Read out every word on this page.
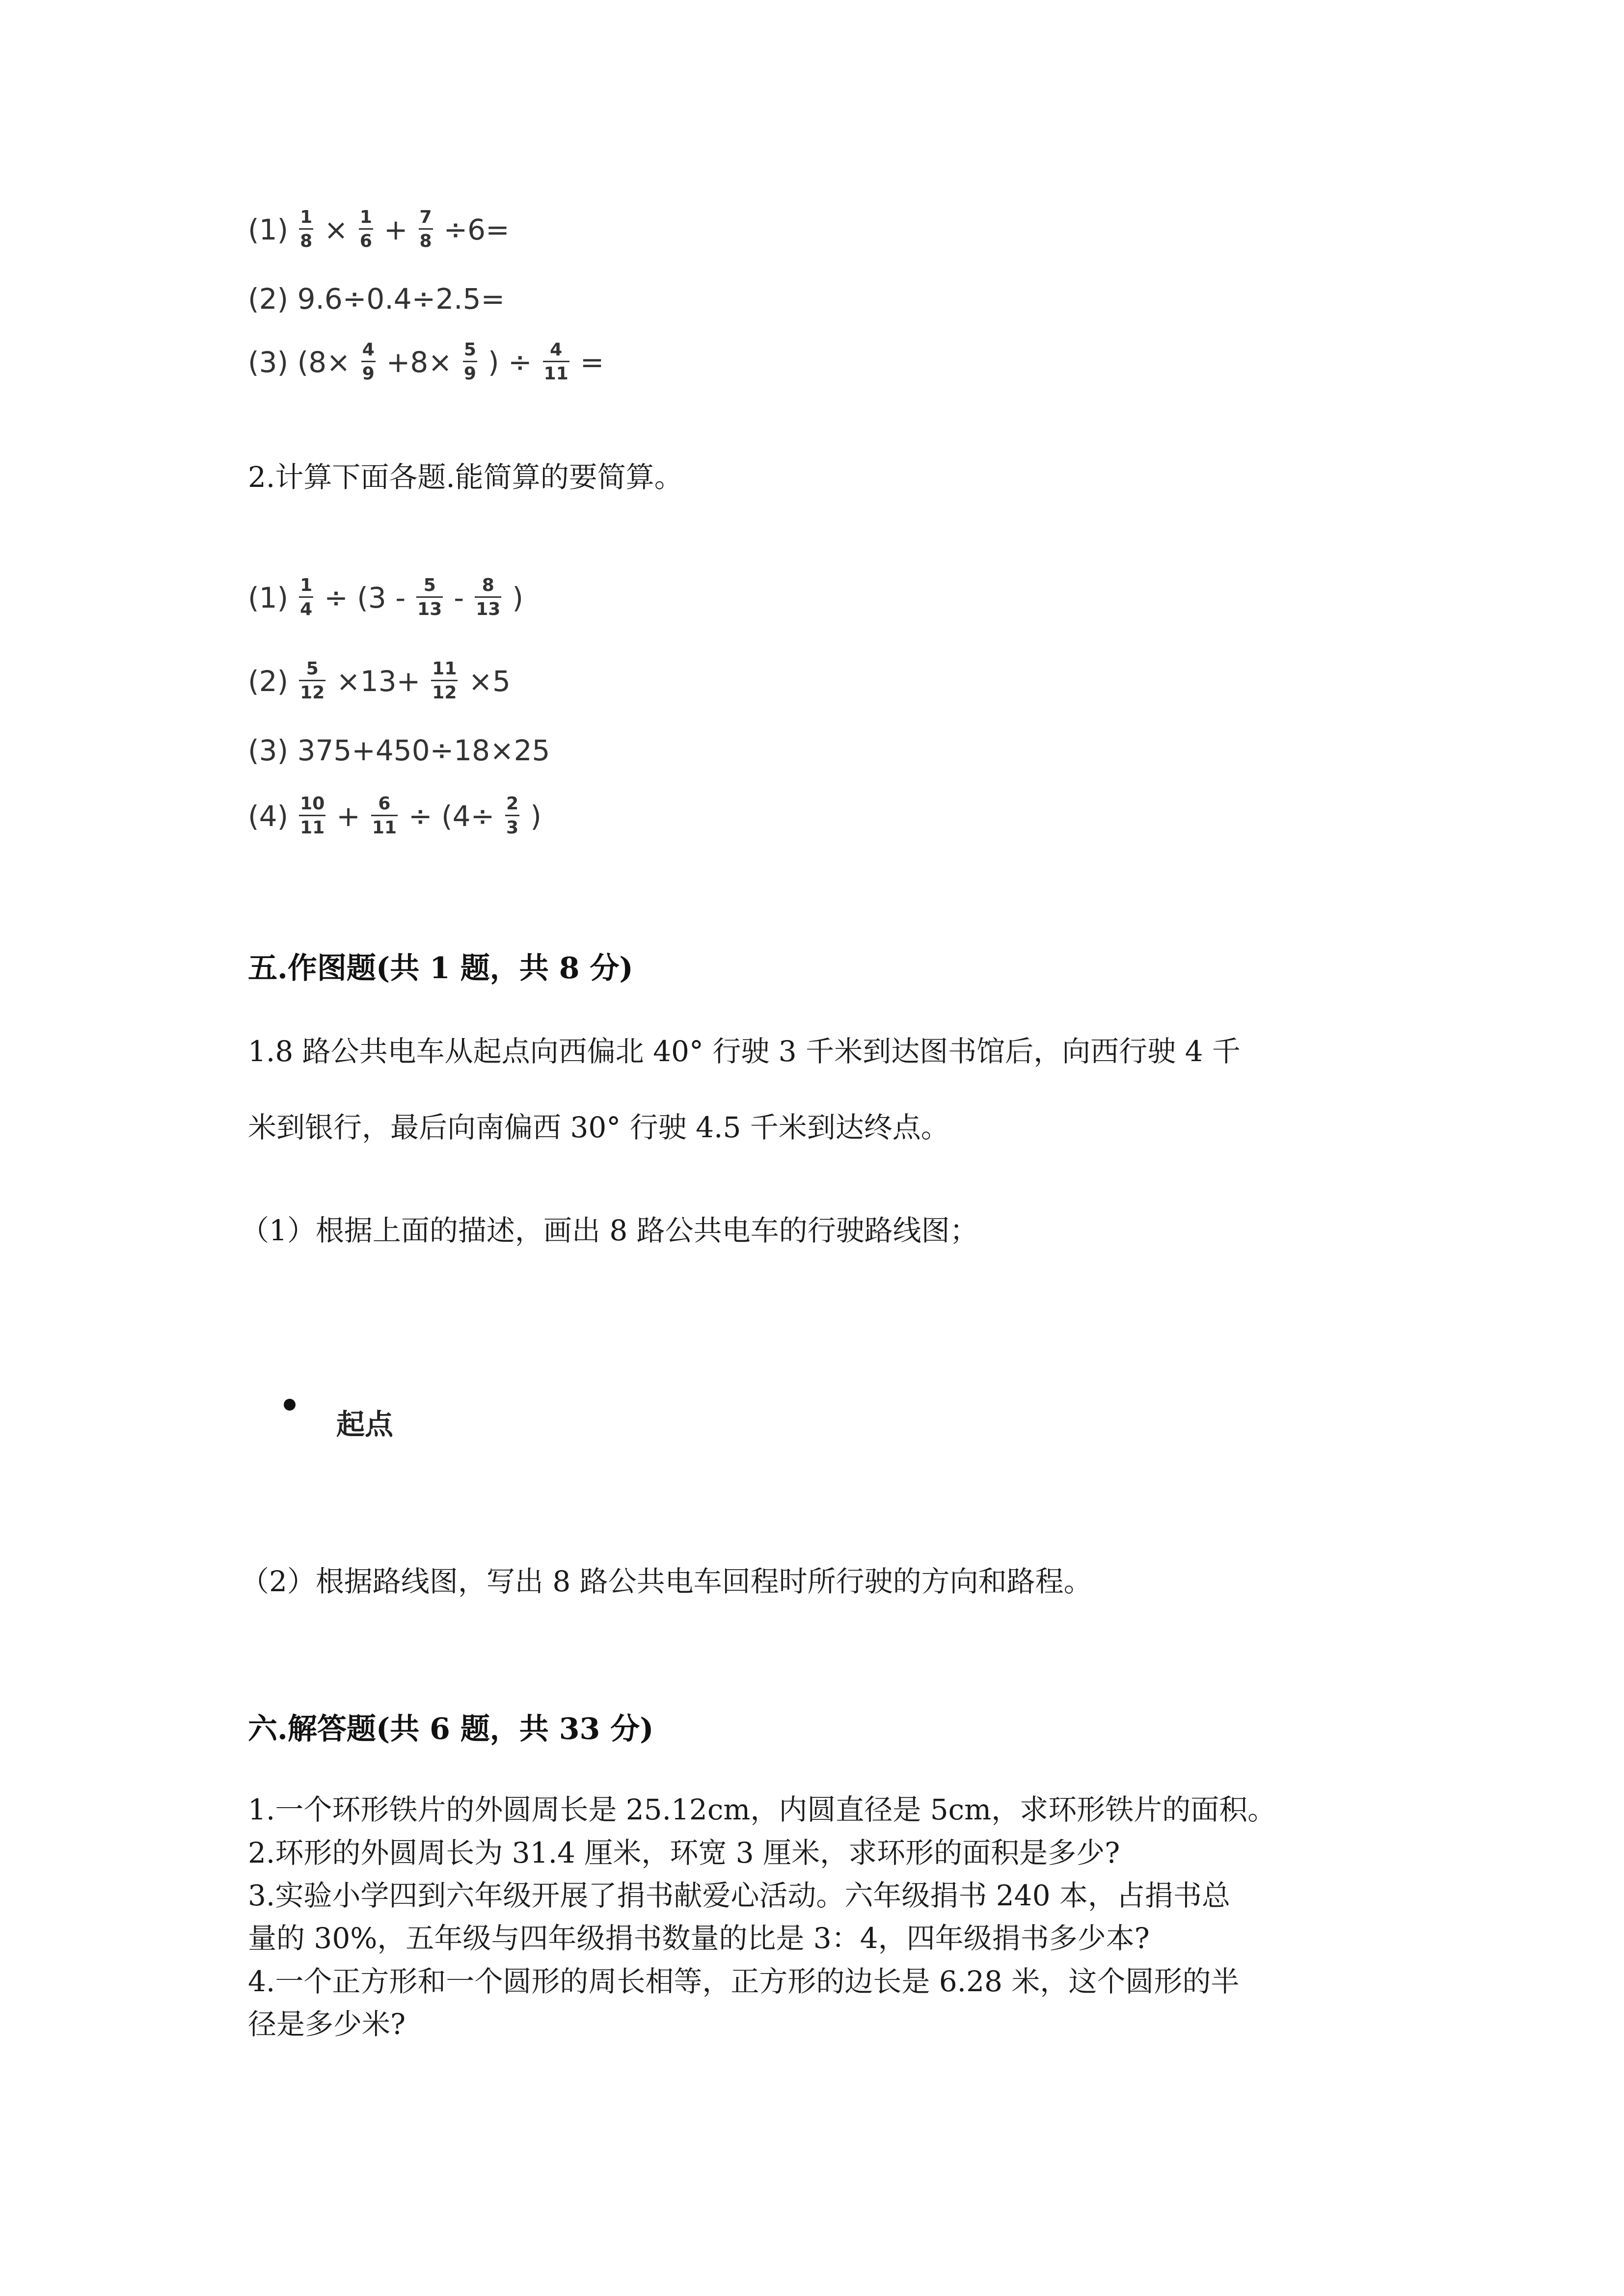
$(1) \frac{1}{8} \times \frac{1}{6} + \frac{7}{8} \div 6=$
(2) 9.6÷0.4÷2.5=
(3) ($8\times \frac{4}{9} +8\times \frac{5}{9}$ ) ÷ $\frac{4}{11}$ =
2.计算下面各题.能简算的要简算。
$(1) \frac{1}{4} \div (3 - \frac{5}{13} - \frac{8}{13}$ )
$(2) \frac{5}{12} \times 13+ \frac{11}{12} \times 5$
(3) 375+450÷18×25
$(4) \frac{10}{11} + \frac{6}{11} \div (4\div \frac{2}{3}$ )
五.作图题(共 1 题，共 8 分)
1.8 路公共电车从起点向西偏北 40° 行驶 3 千米到达图书馆后，向西行驶 4 千
米到银行，最后向南偏西 30° 行驶 4.5 千米到达终点。
（1）根据上面的描述，画出 8 路公共电车的行驶路线图；
起点
（2）根据路线图，写出 8 路公共电车回程时所行驶的方向和路程。
六.解答题(共 6 题，共 33 分)
1.一个环形铁片的外圆周长是 25.12cm，内圆直径是 5cm，求环形铁片的面积。
2.环形的外圆周长为 31.4 厘米，环宽 3 厘米，求环形的面积是多少?
3.实验小学四到六年级开展了捐书献爱心活动。六年级捐书 240 本，占捐书总
量的 30%，五年级与四年级捐书数量的比是 3：4，四年级捐书多少本?
4.一个正方形和一个圆形的周长相等，正方形的边长是 6.28 米，这个圆形的半
径是多少米?
